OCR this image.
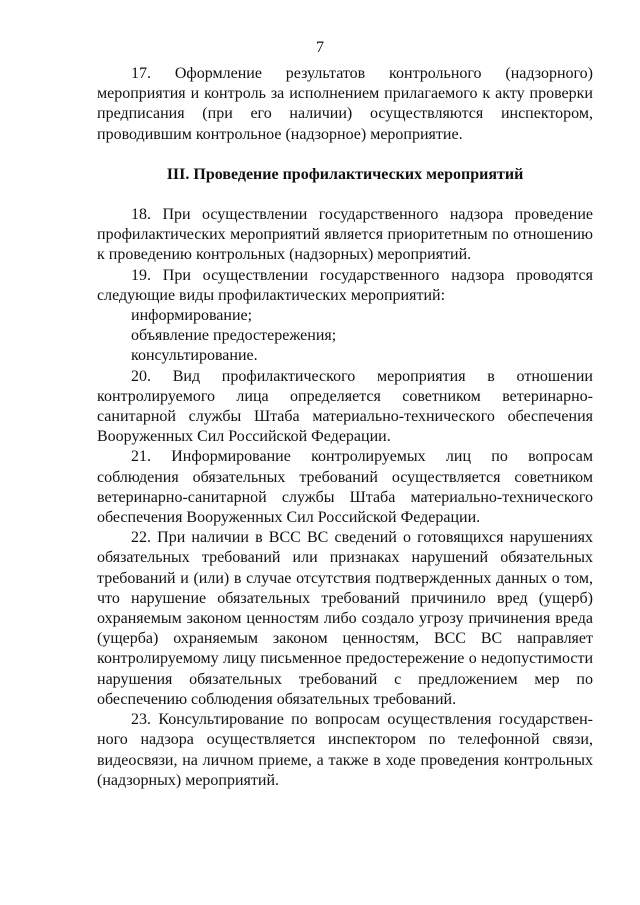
7

17. Оформление результатов контрольного (надзорного) мероприятия и контроль за исполнением прилагаемого к акту проверки предписания (при его наличии) осуществляются инспектором, проводившим контрольное (надзорное) мероприятие.

III. Проведение профилактических мероприятий

18. При осуществлении государственного надзора проведение профилактических мероприятий является приоритетным по отношению к проведению контрольных (надзорных) мероприятий.

19. При осуществлении государственного надзора проводятся следующие виды профилактических мероприятий:

информирование;

объявление предостережения;

консультирование.

20. Вид профилактического мероприятия в отношении контролируемого лица определяется советником ветеринарно-санитарной службы Штаба материально-технического обеспечения Вооруженных Сил Российской Федерации.

21. Информирование контролируемых лиц по вопросам соблюдения обязательных требований осуществляется советником ветеринарно-санитарной службы Штаба материально-технического обеспечения Вооруженных Сил Российской Федерации.

22. При наличии в ВСС ВС сведений о готовящихся нарушениях обязательных требований или признаках нарушений обязательных требований и (или) в случае отсутствия подтвержденных данных о том, что нарушение обязательных требований причинило вред (ущерб) охраняемым законом ценностям либо создало угрозу причинения вреда (ущерба) охраняемым законом ценностям, ВСС ВС направляет контролируемому лицу письменное предостережение о недопустимости нарушения обязательных требований с предложением мер по обеспечению соблюдения обязательных требований.

23. Консультирование по вопросам осуществления государствен-ного надзора осуществляется инспектором по телефонной связи, видеосвязи, на личном приеме, а также в ходе проведения контрольных (надзорных) мероприятий.
